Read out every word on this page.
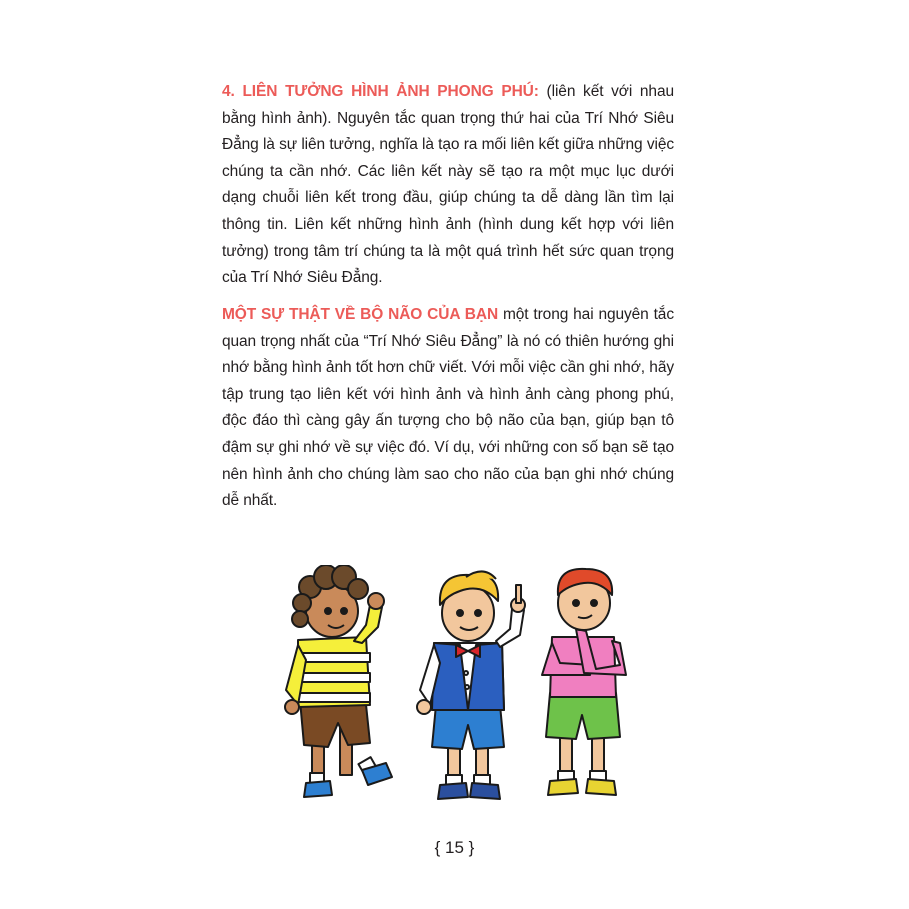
4. LIÊN TƯỞNG HÌNH ẢNH PHONG PHÚ: (liên kết với nhau bằng hình ảnh). Nguyên tắc quan trọng thứ hai của Trí Nhớ Siêu Đẳng là sự liên tưởng, nghĩa là tạo ra mối liên kết giữa những việc chúng ta cần nhớ. Các liên kết này sẽ tạo ra một mục lục dưới dạng chuỗi liên kết trong đầu, giúp chúng ta dễ dàng lần tìm lại thông tin. Liên kết những hình ảnh (hình dung kết hợp với liên tưởng) trong tâm trí chúng ta là một quá trình hết sức quan trọng của Trí Nhớ Siêu Đẳng.

MỘT SỰ THẬT VỀ BỘ NÃO CỦA BẠN một trong hai nguyên tắc quan trọng nhất của “Trí Nhớ Siêu Đẳng” là nó có thiên hướng ghi nhớ bằng hình ảnh tốt hơn chữ viết. Với mỗi việc cần ghi nhớ, hãy tập trung tạo liên kết với hình ảnh và hình ảnh càng phong phú, độc đáo thì càng gây ấn tượng cho bộ não của bạn, giúp bạn tô đậm sự ghi nhớ về sự việc đó. Ví dụ, với những con số bạn sẽ tạo nên hình ảnh cho chúng làm sao cho não của bạn ghi nhớ chúng dễ nhất.

{ 15 }
